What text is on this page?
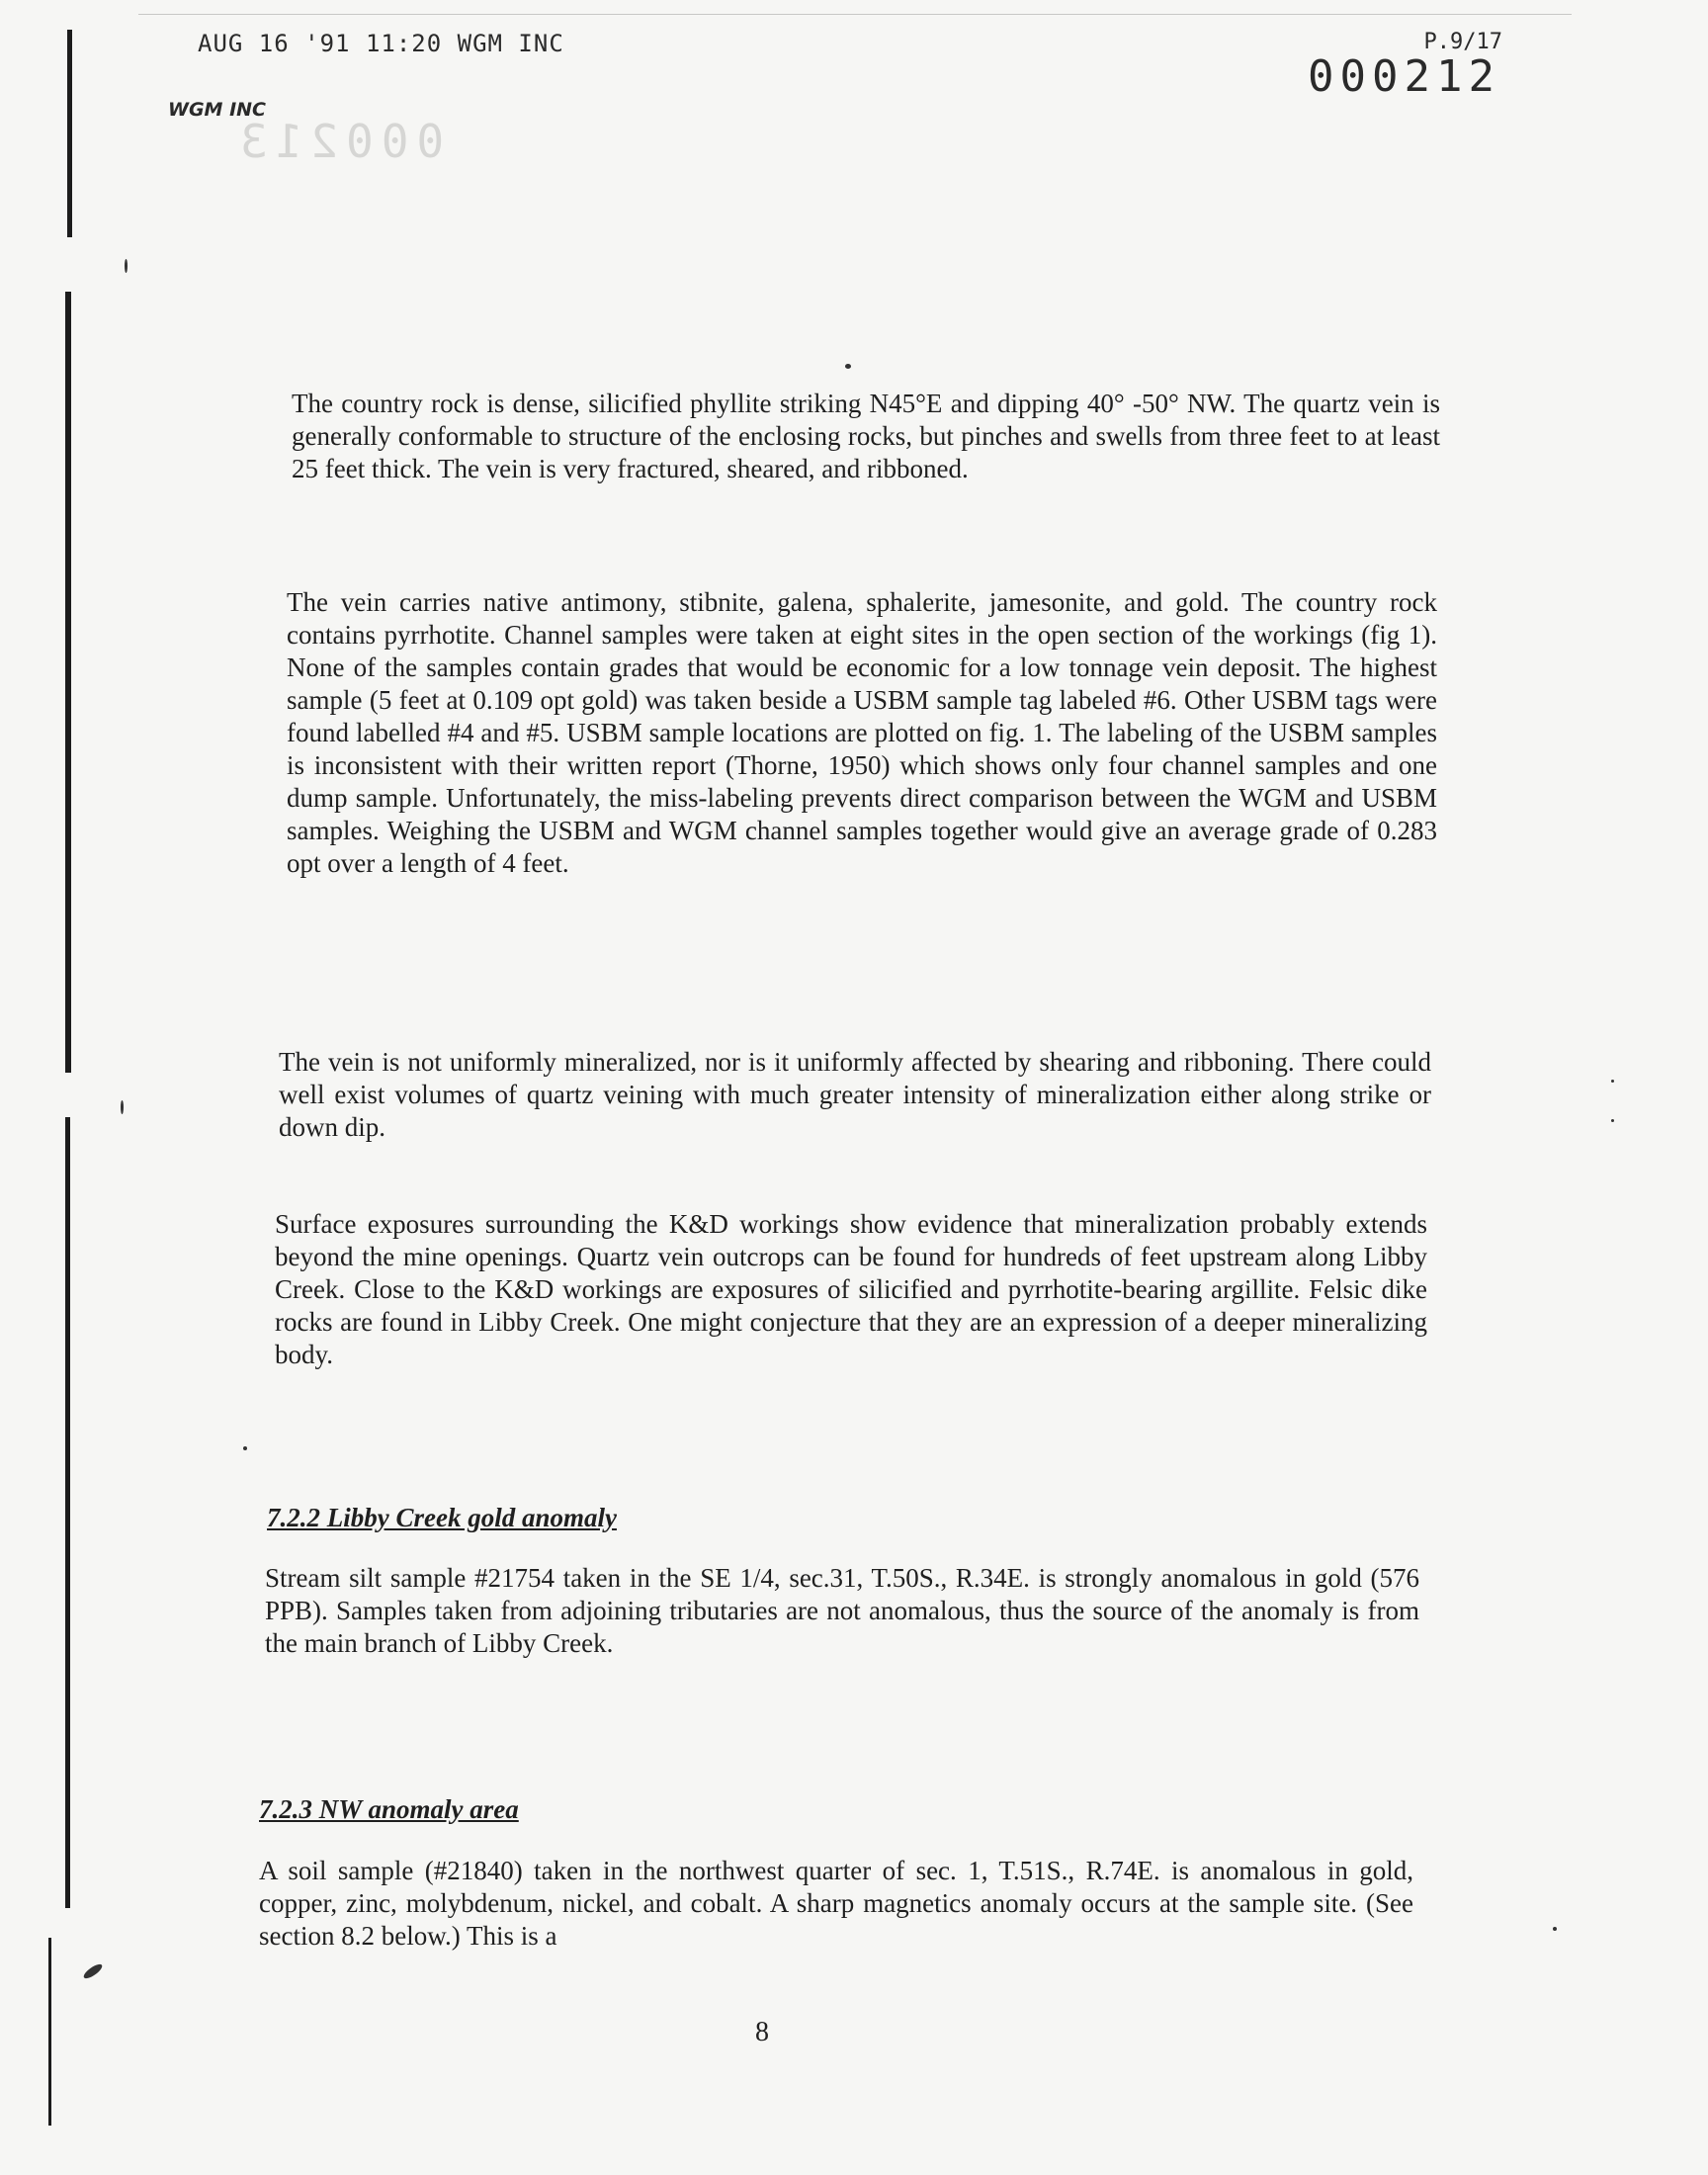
AUG 16 '91 11:20 WGM INC	P.9/17
000212
000213
WGM INC

The country rock is dense, silicified phyllite striking N45°E and dipping 40° -50° NW. The quartz vein is generally conformable to structure of the enclosing rocks, but pinches and swells from three feet to at least 25 feet thick. The vein is very fractured, sheared, and ribboned.

The vein carries native antimony, stibnite, galena, sphalerite, jamesonite, and gold. The country rock contains pyrrhotite. Channel samples were taken at eight sites in the open section of the workings (fig 1). None of the samples contain grades that would be economic for a low tonnage vein deposit. The highest sample (5 feet at 0.109 opt gold) was taken beside a USBM sample tag labeled #6. Other USBM tags were found labelled #4 and #5. USBM sample locations are plotted on fig. 1. The labeling of the USBM samples is inconsistent with their written report (Thorne, 1950) which shows only four channel samples and one dump sample. Unfortunately, the miss-labeling prevents direct comparison between the WGM and USBM samples. Weighing the USBM and WGM channel samples together would give an average grade of 0.283 opt over a length of 4 feet.

The vein is not uniformly mineralized, nor is it uniformly affected by shearing and ribboning. There could well exist volumes of quartz veining with much greater intensity of mineralization either along strike or down dip.

Surface exposures surrounding the K&D workings show evidence that mineralization probably extends beyond the mine openings. Quartz vein outcrops can be found for hundreds of feet upstream along Libby Creek. Close to the K&D workings are exposures of silicified and pyrrhotite-bearing argillite. Felsic dike rocks are found in Libby Creek. One might conjecture that they are an expression of a deeper mineralizing body.

7.2.2 Libby Creek gold anomaly

Stream silt sample #21754 taken in the SE 1/4, sec.31, T.50S., R.34E. is strongly anomalous in gold (576 PPB). Samples taken from adjoining tributaries are not anomalous, thus the source of the anomaly is from the main branch of Libby Creek.

7.2.3 NW anomaly area

A soil sample (#21840) taken in the northwest quarter of sec. 1, T.51S., R.74E. is anomalous in gold, copper, zinc, molybdenum, nickel, and cobalt. A sharp magnetics anomaly occurs at the sample site. (See section 8.2 below.) This is a

8
